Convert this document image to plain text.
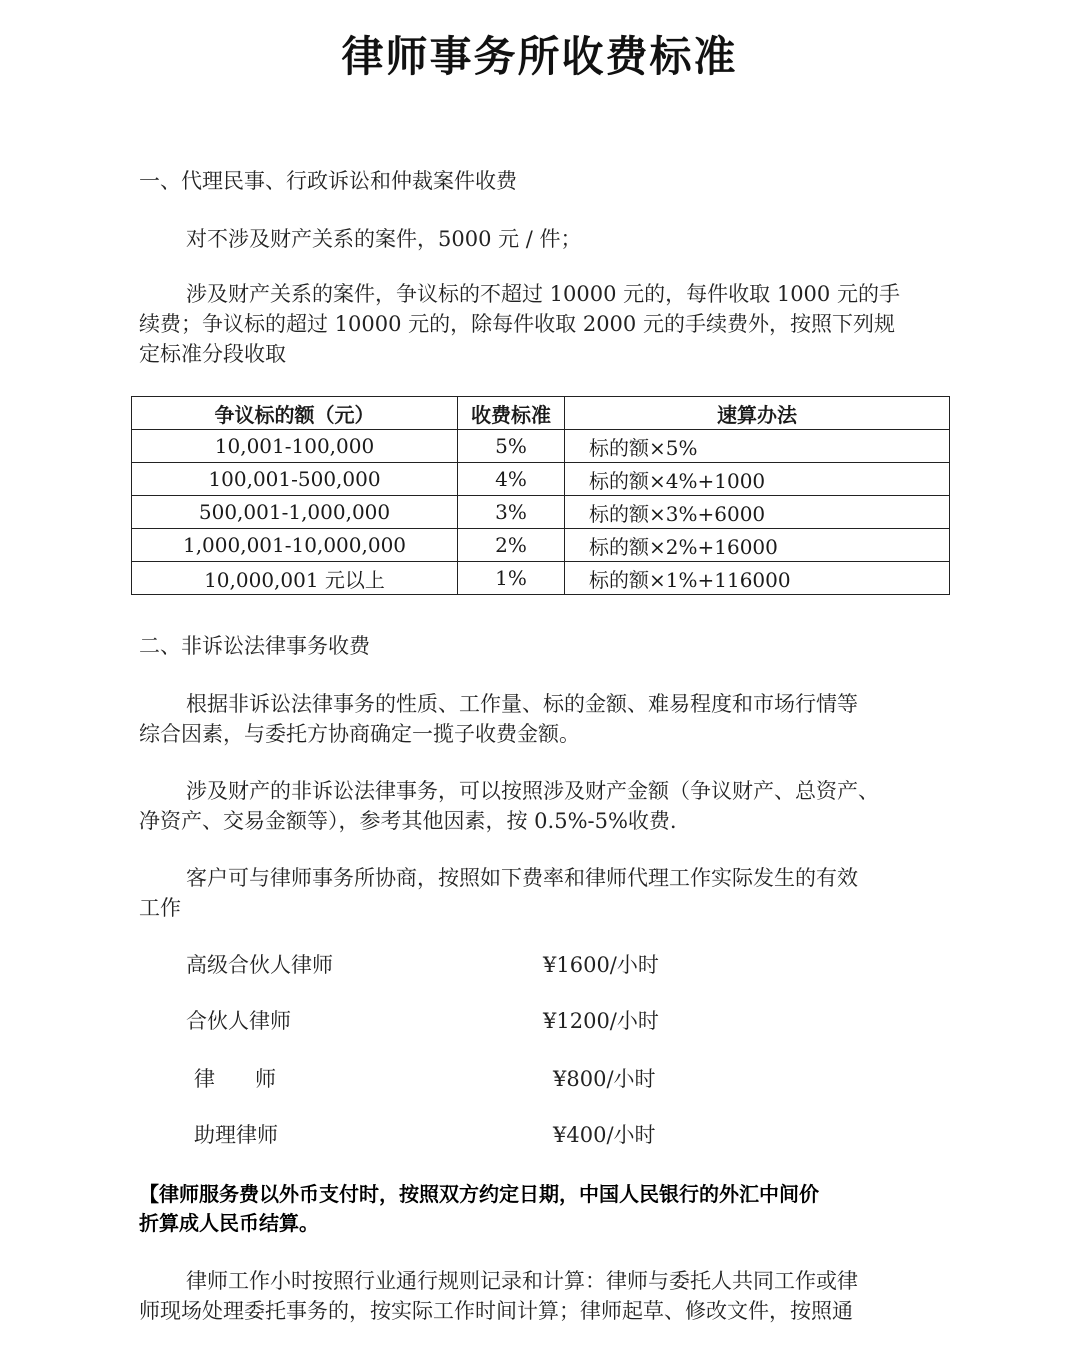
律师事务所收费标准
一、代理民事、行政诉讼和仲裁案件收费
对不涉及财产关系的案件，5000 元 / 件；
涉及财产关系的案件，争议标的不超过 10000 元的，每件收取 1000 元的手
续费；争议标的超过 10000 元的，除每件收取 2000 元的手续费外，按照下列规
定标准分段收取
争议标的额（元）	收费标准	速算办法
10,001-100,000	5%	标的额×5%
100,001-500,000	4%	标的额×4%+1000
500,001-1,000,000	3%	标的额×3%+6000
1,000,001-10,000,000	2%	标的额×2%+16000
10,000,001 元以上	1%	标的额×1%+116000
二、非诉讼法律事务收费
根据非诉讼法律事务的性质、工作量、标的金额、难易程度和市场行情等
综合因素，与委托方协商确定一揽子收费金额。
涉及财产的非诉讼法律事务，可以按照涉及财产金额（争议财产、总资产、
净资产、交易金额等），参考其他因素，按 0.5%-5%收费.
客户可与律师事务所协商，按照如下费率和律师代理工作实际发生的有效
工作
高级合伙人律师	¥1600/小时
合伙人律师	¥1200/小时
律      师	¥800/小时
助理律师	¥400/小时
【律师服务费以外币支付时，按照双方约定日期，中国人民银行的外汇中间价
折算成人民币结算。
律师工作小时按照行业通行规则记录和计算：律师与委托人共同工作或律
师现场处理委托事务的，按实际工作时间计算；律师起草、修改文件，按照通
